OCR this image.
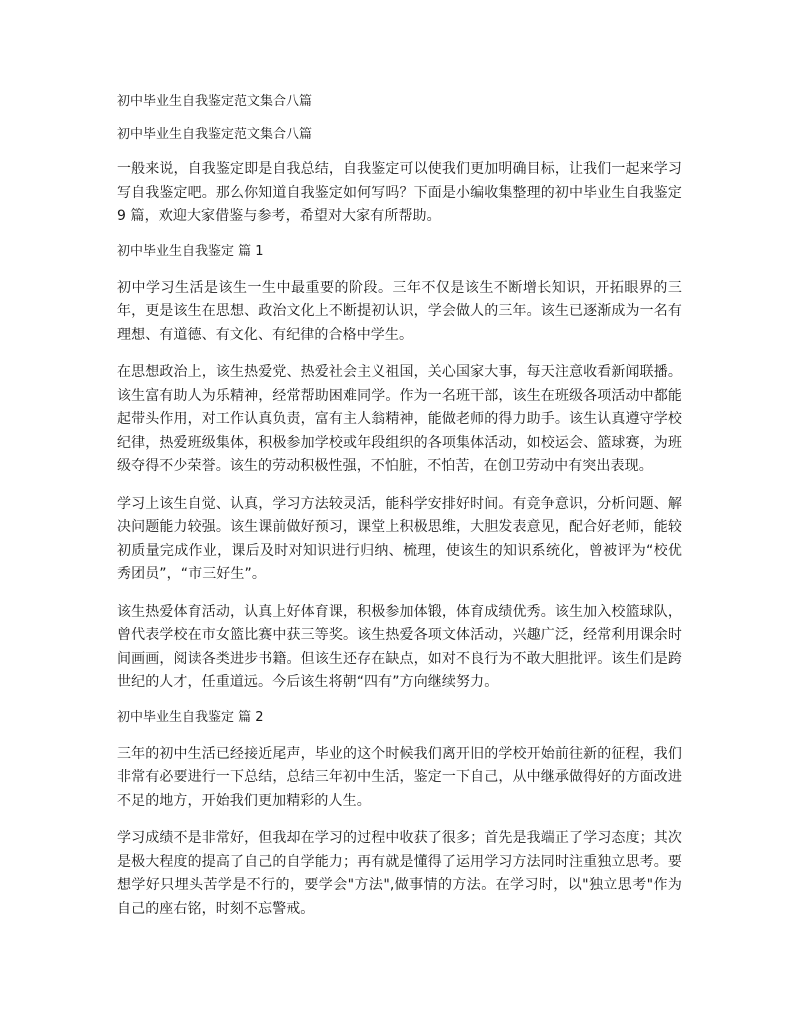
初中毕业生自我鉴定范文集合八篇

初中毕业生自我鉴定范文集合八篇

一般来说，自我鉴定即是自我总结，自我鉴定可以使我们更加明确目标，让我们一起来学习写自我鉴定吧。那么你知道自我鉴定如何写吗？下面是小编收集整理的初中毕业生自我鉴定 9 篇，欢迎大家借鉴与参考，希望对大家有所帮助。

初中毕业生自我鉴定 篇 1

初中学习生活是该生一生中最重要的阶段。三年不仅是该生不断增长知识，开拓眼界的三年，更是该生在思想、政治文化上不断提初认识，学会做人的三年。该生已逐渐成为一名有理想、有道德、有文化、有纪律的合格中学生。

在思想政治上，该生热爱党、热爱社会主义祖国，关心国家大事，每天注意收看新闻联播。该生富有助人为乐精神，经常帮助困难同学。作为一名班干部，该生在班级各项活动中都能起带头作用，对工作认真负责，富有主人翁精神，能做老师的得力助手。该生认真遵守学校纪律，热爱班级集体，积极参加学校或年段组织的各项集体活动，如校运会、篮球赛，为班级夺得不少荣誉。该生的劳动积极性强，不怕脏，不怕苦，在创卫劳动中有突出表现。

学习上该生自觉、认真，学习方法较灵活，能科学安排好时间。有竞争意识，分析问题、解决问题能力较强。该生课前做好预习，课堂上积极思维，大胆发表意见，配合好老师，能较初质量完成作业，课后及时对知识进行归纳、梳理，使该生的知识系统化，曾被评为“校优秀团员”，“市三好生”。

该生热爱体育活动，认真上好体育课，积极参加体锻，体育成绩优秀。该生加入校篮球队，曾代表学校在市女篮比赛中获三等奖。该生热爱各项文体活动，兴趣广泛，经常利用课余时间画画，阅读各类进步书籍。但该生还存在缺点，如对不良行为不敢大胆批评。该生们是跨世纪的人才，任重道远。今后该生将朝“四有”方向继续努力。

初中毕业生自我鉴定 篇 2

三年的初中生活已经接近尾声，毕业的这个时候我们离开旧的学校开始前往新的征程，我们非常有必要进行一下总结，总结三年初中生活，鉴定一下自己，从中继承做得好的方面改进不足的地方，开始我们更加精彩的人生。

学习成绩不是非常好，但我却在学习的过程中收获了很多；首先是我端正了学习态度；其次是极大程度的提高了自己的自学能力；再有就是懂得了运用学习方法同时注重独立思考。要想学好只埋头苦学是不行的，要学会"方法",做事情的方法。在学习时，以"独立思考"作为自己的座右铭，时刻不忘警戒。
